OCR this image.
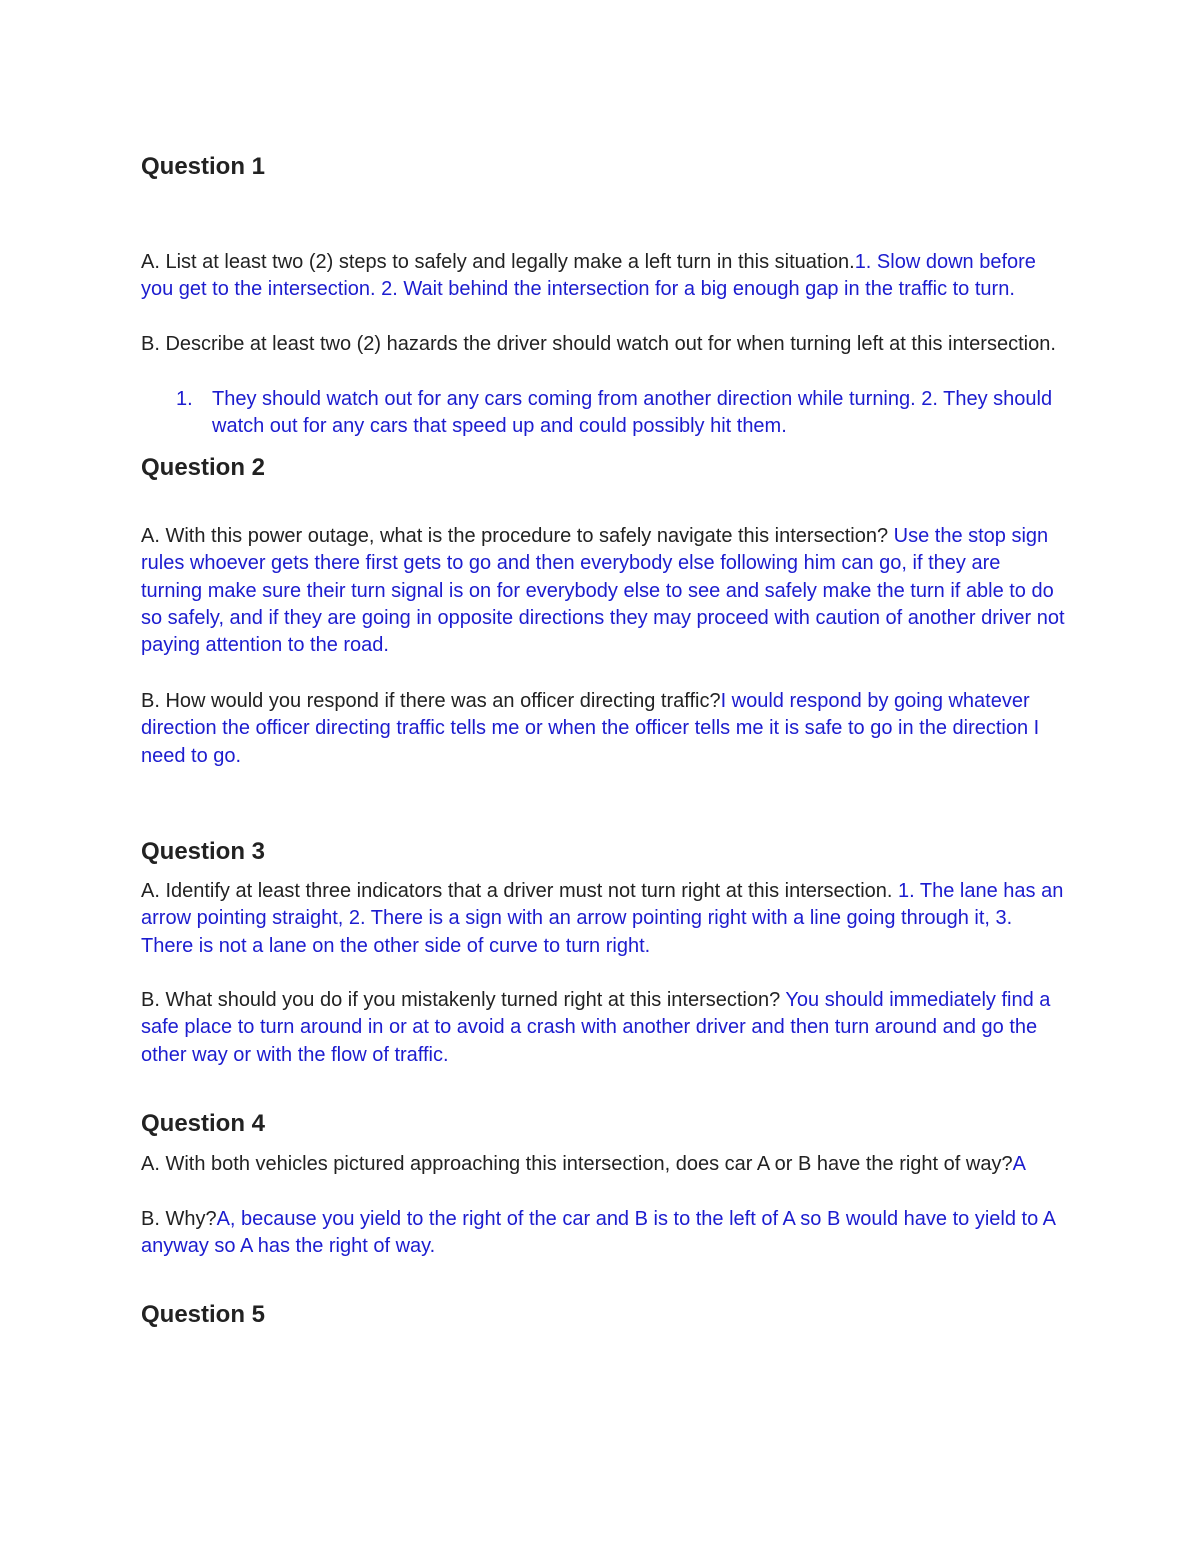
Question 1

A. List at least two (2) steps to safely and legally make a left turn in this situation.1. Slow down before you get to the intersection. 2. Wait behind the intersection for a big enough gap in the traffic to turn.

B. Describe at least two (2) hazards the driver should watch out for when turning left at this intersection.

1. They should watch out for any cars coming from another direction while turning. 2. They should watch out for any cars that speed up and could possibly hit them.
Question 2

A. With this power outage, what is the procedure to safely navigate this intersection? Use the stop sign rules whoever gets there first gets to go and then everybody else following him can go, if they are turning make sure their turn signal is on for everybody else to see and safely make the turn if able to do so safely, and if they are going in opposite directions they may proceed with caution of another driver not paying attention to the road.

B. How would you respond if there was an officer directing traffic?I would respond by going whatever direction the officer directing traffic tells me or when the officer tells me it is safe to go in the direction I need to go.

Question 3

A. Identify at least three indicators that a driver must not turn right at this intersection. 1. The lane has an arrow pointing straight, 2. There is a sign with an arrow pointing right with a line going through it, 3. There is not a lane on the other side of curve to turn right.

B. What should you do if you mistakenly turned right at this intersection? You should immediately find a safe place to turn around in or at to avoid a crash with another driver and then turn around and go the other way or with the flow of traffic.

Question 4

A. With both vehicles pictured approaching this intersection, does car A or B have the right of way?A

B. Why?A, because you yield to the right of the car and B is to the left of A so B would have to yield to A anyway so A has the right of way.

Question 5
